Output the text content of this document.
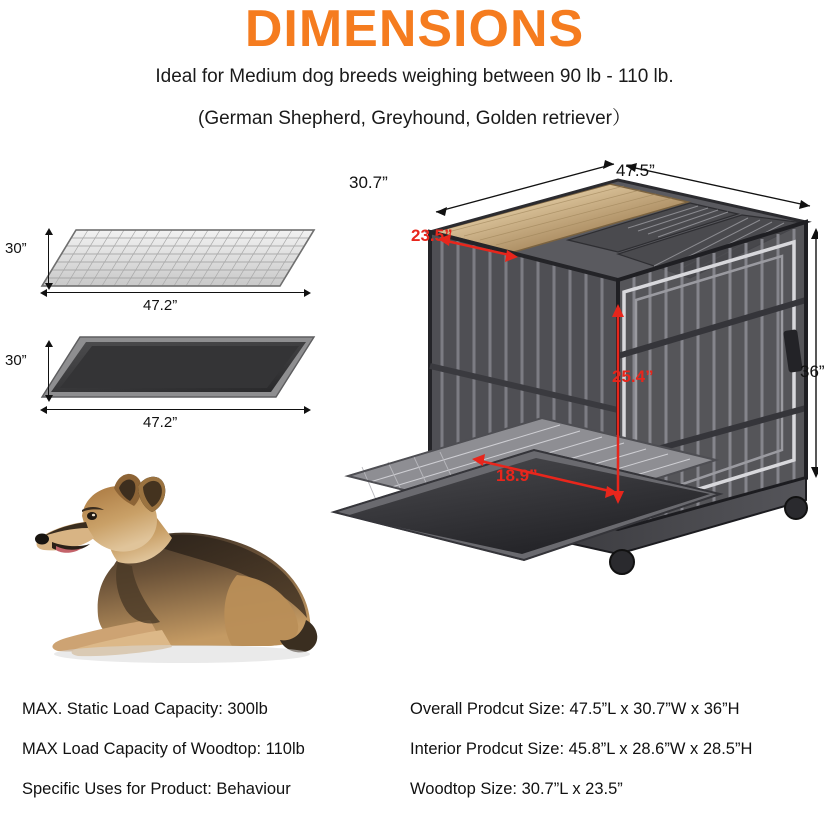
DIMENSIONS
Ideal for Medium dog breeds weighing between 90 lb - 110 lb.
(German Shepherd, Greyhound, Golden retriever）
30”
47.2”
30”
47.2”
30.7”
47.5”
36”
23.5”
25.4”
18.9”
MAX. Static Load Capacity: 300lb
MAX Load Capacity of Woodtop: 110lb
Specific Uses for Product: Behaviour
Overall Prodcut Size: 47.5”L x 30.7”W x 36”H
Interior Prodcut Size: 45.8”L x 28.6”W x 28.5”H
Woodtop Size: 30.7”L x 23.5”
